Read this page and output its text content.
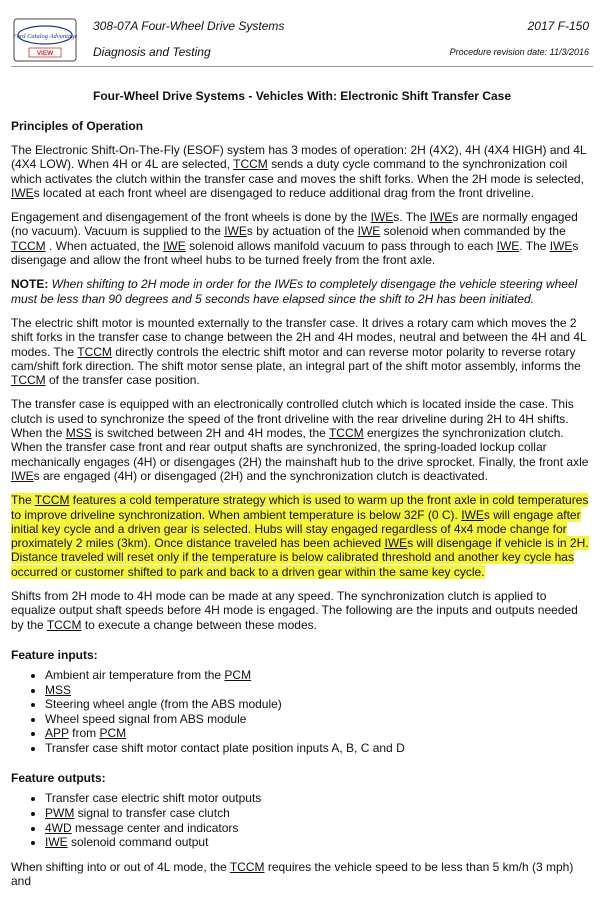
Ford Catalog Advantage
VIEW
308-07A Four-Wheel Drive Systems
Diagnosis and Testing
2017 F-150
Procedure revision date: 11/3/2016
Four-Wheel Drive Systems - Vehicles With: Electronic Shift Transfer Case
Principles of Operation

The Electronic Shift-On-The-Fly (ESOF) system has 3 modes of operation: 2H (4X2), 4H (4X4 HIGH) and 4L (4X4 LOW). When 4H or 4L are selected, TCCM sends a duty cycle command to the synchronization coil which activates the clutch within the transfer case and moves the shift forks. When the 2H mode is selected, IWEs located at each front wheel are disengaged to reduce additional drag from the front driveline.

Engagement and disengagement of the front wheels is done by the IWEs. The IWEs are normally engaged (no vacuum). Vacuum is supplied to the IWEs by actuation of the IWE solenoid when commanded by the TCCM . When actuated, the IWE solenoid allows manifold vacuum to pass through to each IWE. The IWEs disengage and allow the front wheel hubs to be turned freely from the front axle.

NOTE: When shifting to 2H mode in order for the IWEs to completely disengage the vehicle steering wheel must be less than 90 degrees and 5 seconds have elapsed since the shift to 2H has been initiated.

The electric shift motor is mounted externally to the transfer case. It drives a rotary cam which moves the 2 shift forks in the transfer case to change between the 2H and 4H modes, neutral and between the 4H and 4L modes. The TCCM directly controls the electric shift motor and can reverse motor polarity to reverse rotary cam/shift fork direction. The shift motor sense plate, an integral part of the shift motor assembly, informs the TCCM of the transfer case position.

The transfer case is equipped with an electronically controlled clutch which is located inside the case. This clutch is used to synchronize the speed of the front driveline with the rear driveline during 2H to 4H shifts. When the MSS is switched between 2H and 4H modes, the TCCM energizes the synchronization clutch. When the transfer case front and rear output shafts are synchronized, the spring-loaded lockup collar mechanically engages (4H) or disengages (2H) the mainshaft hub to the drive sprocket. Finally, the front axle IWEs are engaged (4H) or disengaged (2H) and the synchronization clutch is deactivated.

The TCCM features a cold temperature strategy which is used to warm up the front axle in cold temperatures to improve driveline synchronization. When ambient temperature is below 32F (0 C). IWEs will engage after initial key cycle and a driven gear is selected. Hubs will stay engaged regardless of 4x4 mode change for proximately 2 miles (3km). Once distance traveled has been achieved IWEs will disengage if vehicle is in 2H. Distance traveled will reset only if the temperature is below calibrated threshold and another key cycle has occurred or customer shifted to park and back to a driven gear within the same key cycle.

Shifts from 2H mode to 4H mode can be made at any speed. The synchronization clutch is applied to equalize output shaft speeds before 4H mode is engaged. The following are the inputs and outputs needed by the TCCM to execute a change between these modes.

Feature inputs:
• Ambient air temperature from the PCM
• MSS
• Steering wheel angle (from the ABS module)
• Wheel speed signal from ABS module
• APP from PCM
• Transfer case shift motor contact plate position inputs A, B, C and D
Feature outputs:
• Transfer case electric shift motor outputs
• PWM signal to transfer case clutch
• 4WD message center and indicators
• IWE solenoid command output

When shifting into or out of 4L mode, the TCCM requires the vehicle speed to be less than 5 km/h (3 mph) and
